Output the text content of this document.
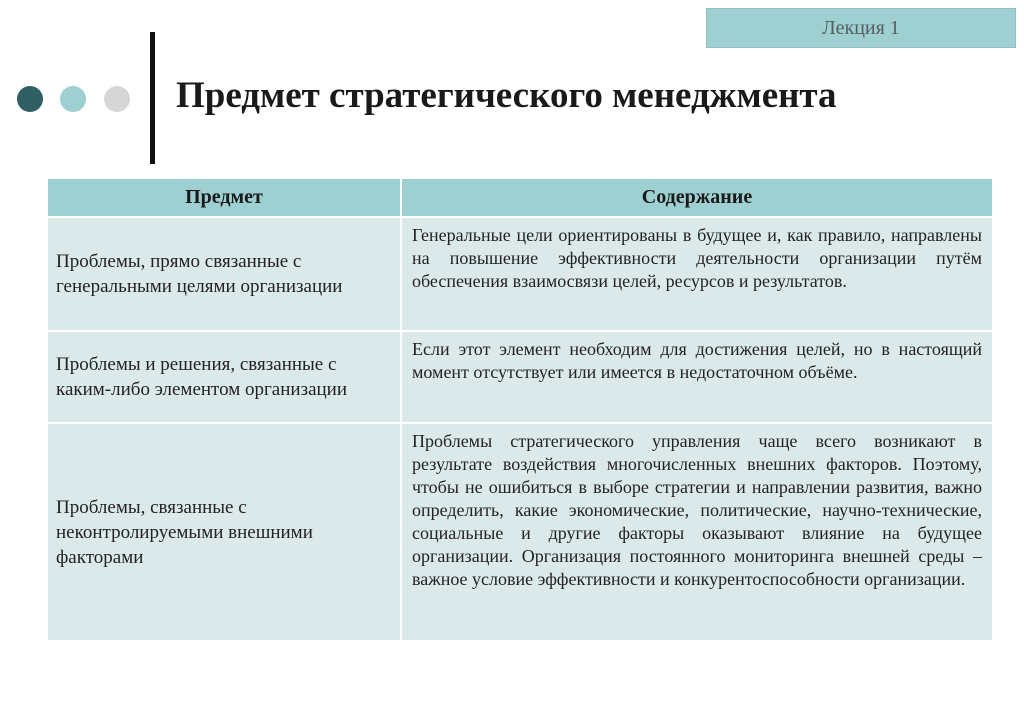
Лекция 1
Предмет стратегического менеджмента
Предмет	Содержание
Проблемы, прямо связанные с генеральными целями организации	Генеральные цели ориентированы в будущее и, как правило, направлены на повышение эффективности деятельности организации путём обеспечения взаимосвязи целей, ресурсов и результатов.
Проблемы и решения, связанные с каким-либо элементом организации	Если этот элемент необходим для достижения целей, но в настоящий момент отсутствует или имеется в недостаточном объёме.
Проблемы, связанные с неконтролируемыми внешними факторами	Проблемы стратегического управления чаще всего возникают в результате воздействия многочисленных внешних факторов. Поэтому, чтобы не ошибиться в выборе стратегии и направлении развития, важно определить, какие экономические, политические, научно-технические, социальные и другие факторы оказывают влияние на будущее организации. Организация постоянного мониторинга внешней среды – важное условие эффективности и конкурентоспособности организации.
